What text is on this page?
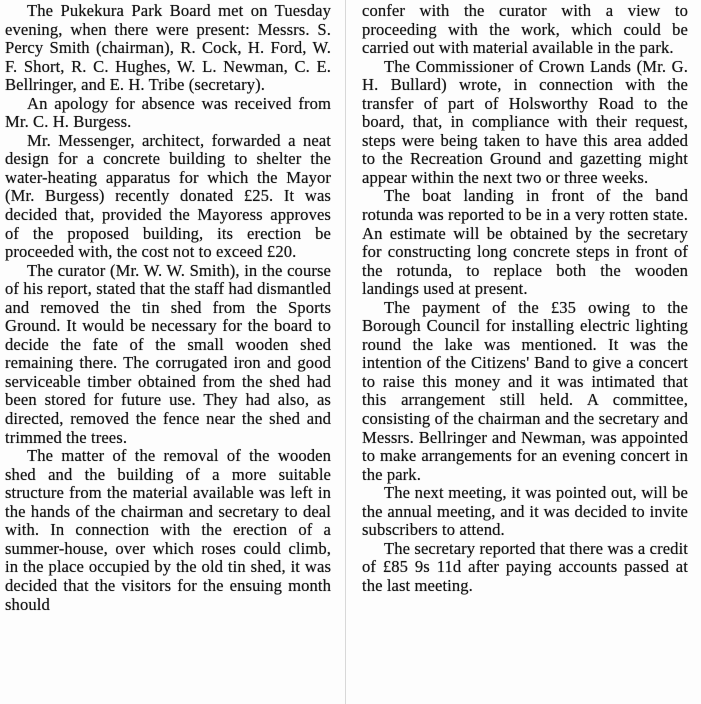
The Pukekura Park Board met on Tuesday evening, when there were present: Messrs. S. Percy Smith (chairman), R. Cock, H. Ford, W. F. Short, R. C. Hughes, W. L. Newman, C. E. Bellringer, and E. H. Tribe (secretary).

An apology for absence was received from Mr. C. H. Burgess.

Mr. Messenger, architect, forwarded a neat design for a concrete building to shelter the water-heating apparatus for which the Mayor (Mr. Burgess) recently donated £25. It was decided that, provided the Mayoress approves of the proposed building, its erection be proceeded with, the cost not to exceed £20.

The curator (Mr. W. W. Smith), in the course of his report, stated that the staff had dismantled and removed the tin shed from the Sports Ground. It would be necessary for the board to decide the fate of the small wooden shed remaining there. The corrugated iron and good serviceable timber obtained from the shed had been stored for future use. They had also, as directed, removed the fence near the shed and trimmed the trees.

The matter of the removal of the wooden shed and the building of a more suitable structure from the material available was left in the hands of the chairman and secretary to deal with. In connection with the erection of a summer-house, over which roses could climb, in the place occupied by the old tin shed, it was decided that the visitors for the ensuing month should

confer with the curator with a view to proceeding with the work, which could be carried out with material available in the park.

The Commissioner of Crown Lands (Mr. G. H. Bullard) wrote, in connection with the transfer of part of Holsworthy Road to the board, that, in compliance with their request, steps were being taken to have this area added to the Recreation Ground and gazetting might appear within the next two or three weeks.

The boat landing in front of the band rotunda was reported to be in a very rotten state. An estimate will be obtained by the secretary for constructing long concrete steps in front of the rotunda, to replace both the wooden landings used at present.

The payment of the £35 owing to the Borough Council for installing electric lighting round the lake was mentioned. It was the intention of the Citizens' Band to give a concert to raise this money and it was intimated that this arrangement still held. A committee, consisting of the chairman and the secretary and Messrs. Bellringer and Newman, was appointed to make arrangements for an evening concert in the park.

The next meeting, it was pointed out, will be the annual meeting, and it was decided to invite subscribers to attend.

The secretary reported that there was a credit of £85 9s 11d after paying accounts passed at the last meeting.
